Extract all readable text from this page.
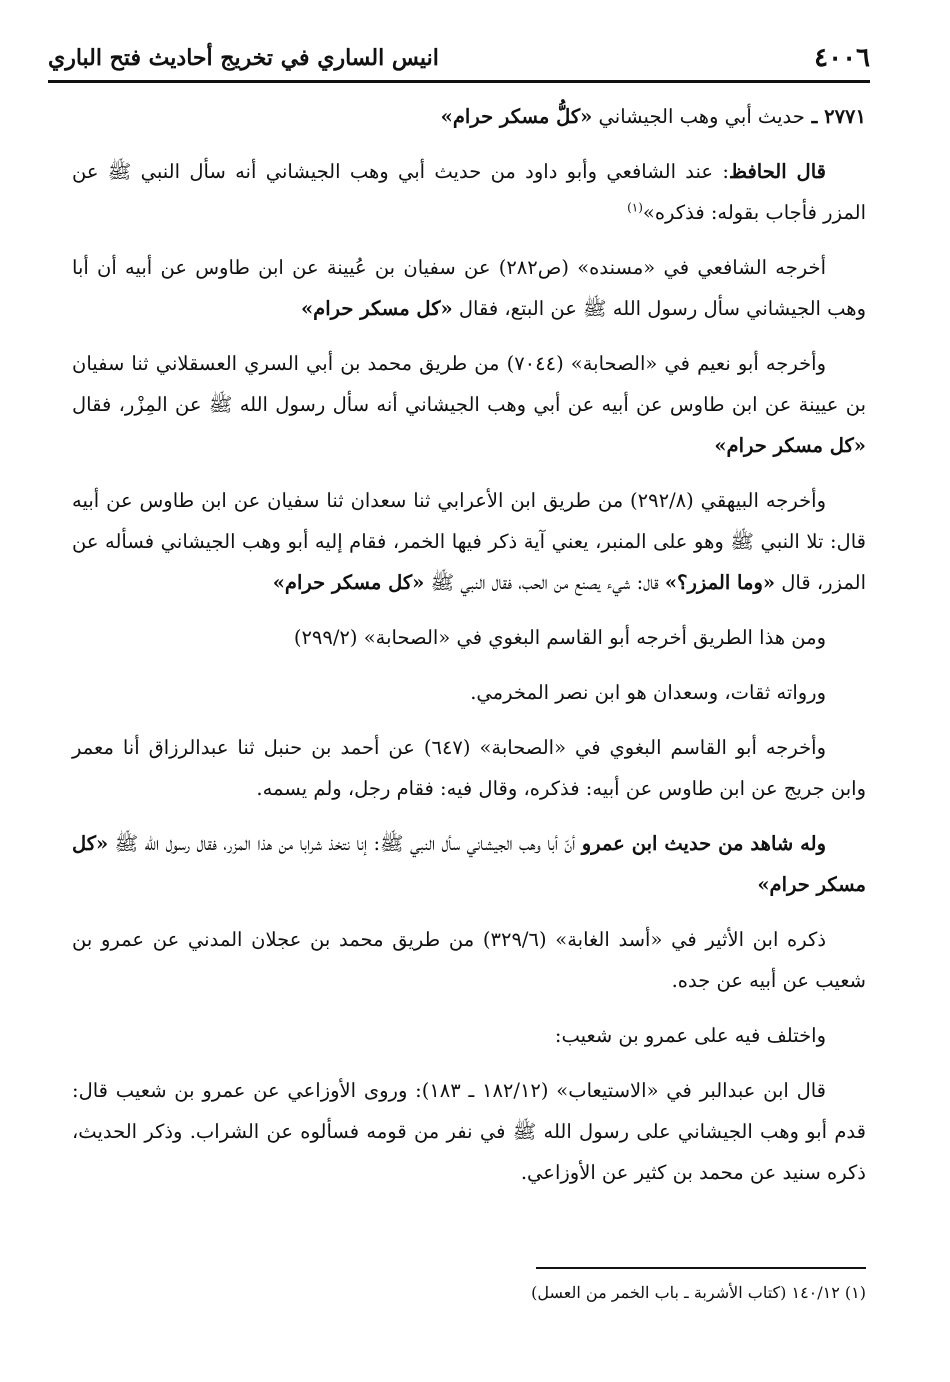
٤٠٠٦
انيس الساري في تخريج أحاديث فتح الباري

٢٧٧١ ـ حديث أبي وهب الجيشاني «كلُّ مسكر حرام»

قال الحافظ: عند الشافعي وأبو داود من حديث أبي وهب الجيشاني أنه سأل النبي ﷺ عن المزر فأجاب بقوله: فذكره»$^{(١)}$

أخرجه الشافعي في «مسنده» (ص٢٨٢) عن سفيان بن عُيينة عن ابن طاوس عن أبيه أن أبا وهب الجيشاني سأل رسول الله ﷺ عن البتع، فقال «كل مسكر حرام»

وأخرجه أبو نعيم في «الصحابة» (٧٠٤٤) من طريق محمد بن أبي السري العسقلاني ثنا سفيان بن عيينة عن ابن طاوس عن أبيه عن أبي وهب الجيشاني أنه سأل رسول الله ﷺ عن المِزْر، فقال «كل مسكر حرام»

وأخرجه البيهقي (٢٩٢/٨) من طريق ابن الأعرابي ثنا سعدان ثنا سفيان عن ابن طاوس عن أبيه قال: تلا النبي ﷺ وهو على المنبر، يعني آية ذكر فيها الخمر، فقام إليه أبو وهب الجيشاني فسأله عن المزر، قال «وما المزر؟» قال: شيء يصنع من الحب، فقال النبي ﷺ «كل مسكر حرام»

ومن هذا الطريق أخرجه أبو القاسم البغوي في «الصحابة» (٢٩٩/٢)

ورواته ثقات، وسعدان هو ابن نصر المخرمي.

وأخرجه أبو القاسم البغوي في «الصحابة» (٦٤٧) عن أحمد بن حنبل ثنا عبدالرزاق أنا معمر وابن جريج عن ابن طاوس عن أبيه: فذكره، وقال فيه: فقام رجل، ولم يسمه.

وله شاهد من حديث ابن عمرو أنّ أبا وهب الجيشاني سأل النبي ﷺ: إنا نتخذ شرابا من هذا المزر، فقال رسول الله ﷺ «كل مسكر حرام»

ذكره ابن الأثير في «أسد الغابة» (٣٢٩/٦) من طريق محمد بن عجلان المدني عن عمرو بن شعيب عن أبيه عن جده.

واختلف فيه على عمرو بن شعيب:

قال ابن عبدالبر في «الاستيعاب» (١٨٢/١٢ ـ ١٨٣): وروى الأوزاعي عن عمرو بن شعيب قال: قدم أبو وهب الجيشاني على رسول الله ﷺ في نفر من قومه فسألوه عن الشراب. وذكر الحديث، ذكره سنيد عن محمد بن كثير عن الأوزاعي.

(١) ١٤٠/١٢ (كتاب الأشربة ـ باب الخمر من العسل)
